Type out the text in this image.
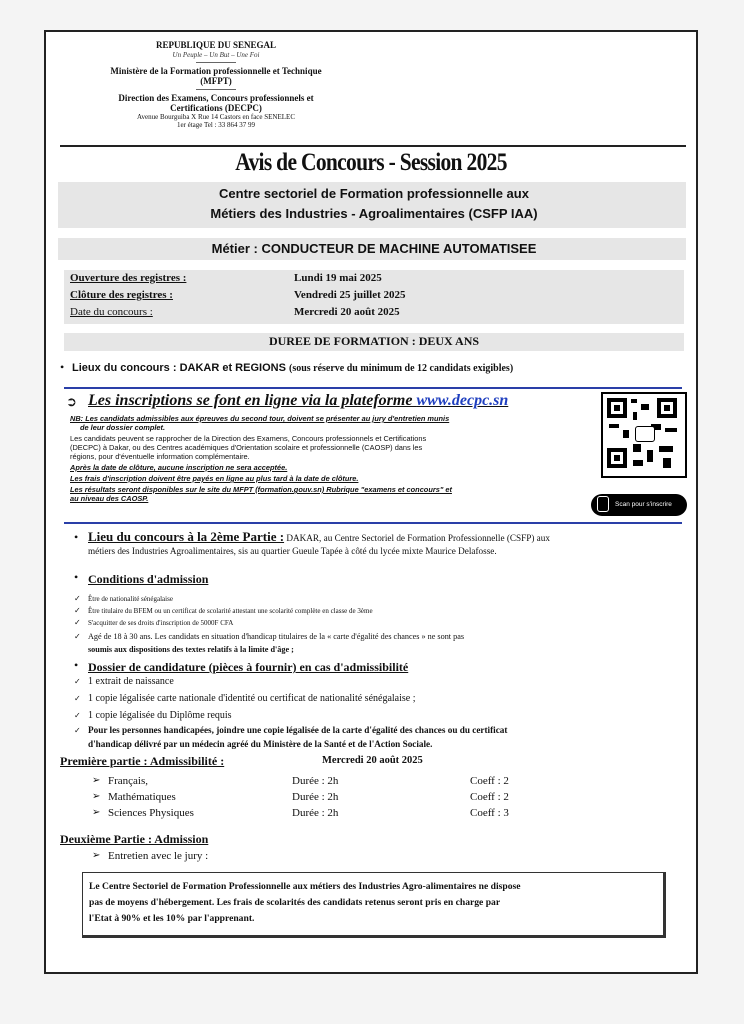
REPUBLIQUE DU SENEGAL
Un Peuple – Un But – Une Foi
Ministère de la Formation professionnelle et Technique (MFPT)
Direction des Examens, Concours professionnels et Certifications (DECPC)
Avenue Bourguiba X Rue 14 Castors en face SENELEC
1er étage Tel : 33 864 37 99
Avis de Concours - Session 2025
Centre sectoriel de Formation professionnelle aux
Métiers des Industries - Agroalimentaires (CSFP IAA)
Métier : CONDUCTEUR DE MACHINE AUTOMATISEE
Ouverture des registres :	Lundi 19 mai 2025
Clôture des registres :	Vendredi 25 juillet 2025
Date du concours :	Mercredi 20 août 2025
DUREE DE FORMATION : DEUX ANS
• Lieux du concours : DAKAR et REGIONS (sous réserve du minimum de 12 candidats exigibles)
➲ Les inscriptions se font en ligne via la plateforme www.decpc.sn
NB: Les candidats admissibles aux épreuves du second tour, doivent se présenter au jury d'entretien munis
de leur dossier complet.
Les candidats peuvent se rapprocher de la Direction des Examens, Concours professionnels et Certifications
(DECPC) à Dakar, ou des Centres académiques d'Orientation scolaire et professionnelle (CAOSP) dans les
régions, pour d'éventuelle information complémentaire.
Après la date de clôture, aucune inscription ne sera acceptée.
Les frais d'inscription doivent être payés en ligne au plus tard à la date de clôture.
Les résultats seront disponibles sur le site du MFPT (formation.gouv.sn) Rubrique "examens et concours" et
au niveau des CAOSP.
Scan pour s'inscrire
• Lieu du concours à la 2ème Partie : DAKAR, au Centre Sectoriel de Formation Professionnelle (CSFP) aux
métiers des Industries Agroalimentaires, sis au quartier Gueule Tapée à côté du lycée mixte Maurice Delafosse.
• Conditions d'admission
✓ Être de nationalité sénégalaise
✓ Être titulaire du BFEM ou un certificat de scolarité attestant une scolarité complète en classe de 3ème
✓ S'acquitter de ses droits d'inscription de 5000F CFA
✓ Agé de 18 à 30 ans. Les candidats en situation d'handicap titulaires de la « carte d'égalité des chances » ne sont pas
soumis aux dispositions des textes relatifs à la limite d'âge ;
• Dossier de candidature (pièces à fournir) en cas d'admissibilité
✓ 1 extrait de naissance
✓ 1 copie légalisée carte nationale d'identité ou certificat de nationalité sénégalaise ;
✓ 1 copie légalisée du Diplôme requis
✓ Pour les personnes handicapées, joindre une copie légalisée de la carte d'égalité des chances ou du certificat
d'handicap délivré par un médecin agréé du Ministère de la Santé et de l'Action Sociale.
Première partie : Admissibilité :	Mercredi 20 août 2025
➢ Français,	Durée : 2h	Coeff : 2
➢ Mathématiques	Durée : 2h	Coeff : 2
➢ Sciences Physiques	Durée : 2h	Coeff : 3
Deuxième Partie : Admission
➢ Entretien avec le jury :
Le Centre Sectoriel de Formation Professionnelle aux métiers des Industries Agro-alimentaires ne dispose
pas de moyens d'hébergement. Les frais de scolarités des candidats retenus seront pris en charge par
l'Etat à 90% et les 10% par l'apprenant.
